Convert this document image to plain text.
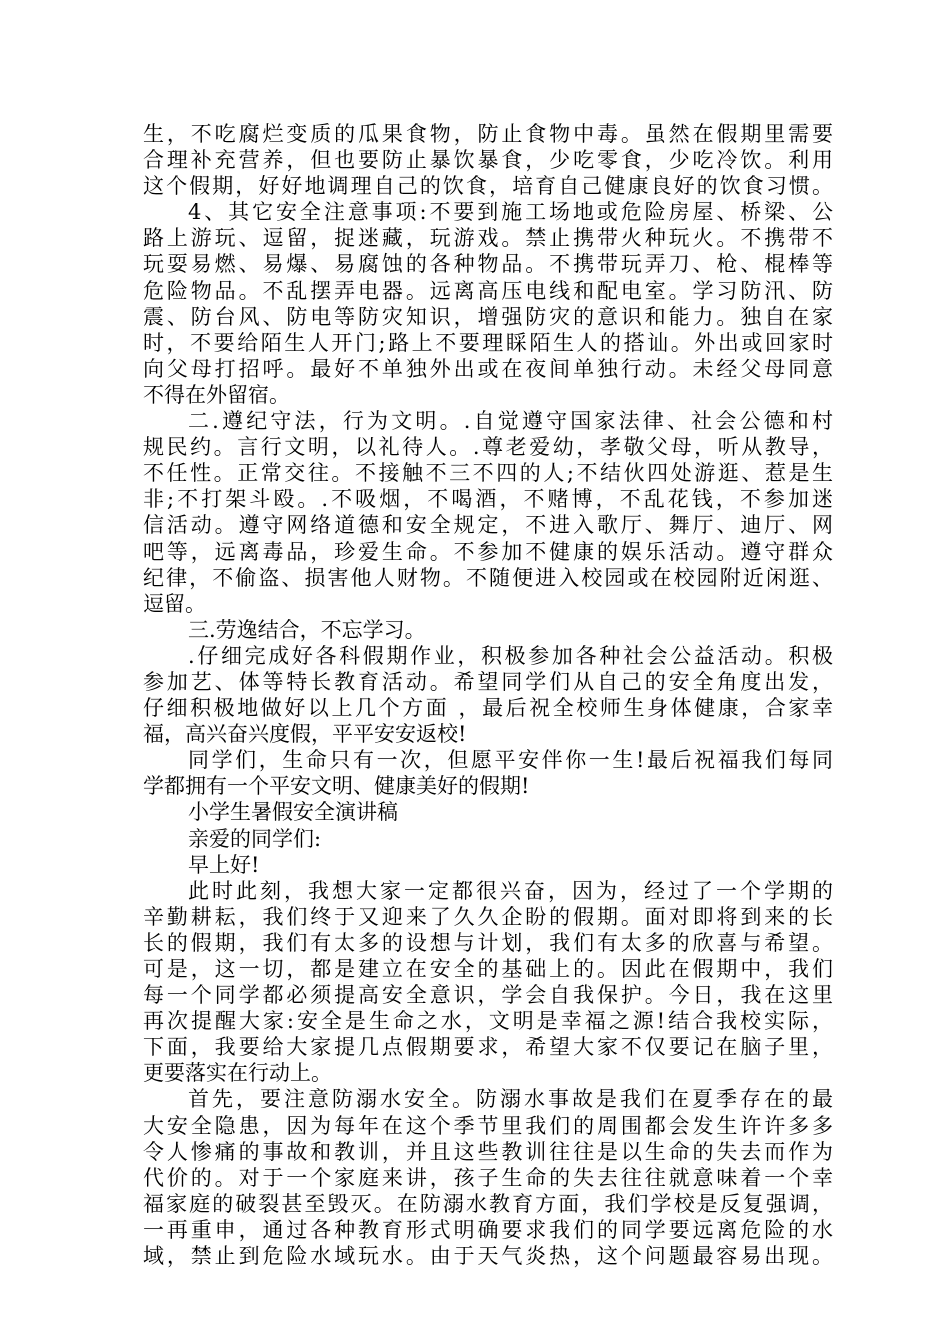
生，不吃腐烂变质的瓜果食物，防止食物中毒。虽然在假期里需要
合理补充营养，但也要防止暴饮暴食，少吃零食，少吃冷饮。利用
这个假期，好好地调理自己的饮食，培育自己健康良好的饮食习惯。
4、其它安全注意事项:不要到施工场地或危险房屋、桥梁、公
路上游玩、逗留，捉迷藏，玩游戏。禁止携带火种玩火。不携带不
玩耍易燃、易爆、易腐蚀的各种物品。不携带玩弄刀、枪、棍棒等
危险物品。不乱摆弄电器。远离高压电线和配电室。学习防汛、防
震、防台风、防电等防灾知识，增强防灾的意识和能力。独自在家
时，不要给陌生人开门;路上不要理睬陌生人的搭讪。外出或回家时
向父母打招呼。最好不单独外出或在夜间单独行动。未经父母同意
不得在外留宿。
二.遵纪守法，行为文明。.自觉遵守国家法律、社会公德和村
规民约。言行文明，以礼待人。.尊老爱幼，孝敬父母，听从教导，
不任性。正常交往。不接触不三不四的人;不结伙四处游逛、惹是生
非;不打架斗殴。.不吸烟，不喝酒，不赌博，不乱花钱，不参加迷
信活动。遵守网络道德和安全规定，不进入歌厅、舞厅、迪厅、网
吧等，远离毒品，珍爱生命。不参加不健康的娱乐活动。遵守群众
纪律，不偷盗、损害他人财物。不随便进入校园或在校园附近闲逛、
逗留。
三.劳逸结合，不忘学习。
.仔细完成好各科假期作业，积极参加各种社会公益活动。积极
参加艺、体等特长教育活动。希望同学们从自己的安全角度出发，
仔细积极地做好以上几个方面 ，最后祝全校师生身体健康，合家幸
福，高兴奋兴度假，平平安安返校!
同学们，生命只有一次，但愿平安伴你一生!最后祝福我们每同
学都拥有一个平安文明、健康美好的假期!
小学生暑假安全演讲稿
亲爱的同学们:
早上好!
此时此刻，我想大家一定都很兴奋，因为，经过了一个学期的
辛勤耕耘，我们终于又迎来了久久企盼的假期。面对即将到来的长
长的假期，我们有太多的设想与计划，我们有太多的欣喜与希望。
可是，这一切，都是建立在安全的基础上的。因此在假期中，我们
每一个同学都必须提高安全意识，学会自我保护。今日，我在这里
再次提醒大家:安全是生命之水，文明是幸福之源!结合我校实际，
下面，我要给大家提几点假期要求，希望大家不仅要记在脑子里，
更要落实在行动上。
首先，要注意防溺水安全。防溺水事故是我们在夏季存在的最
大安全隐患，因为每年在这个季节里我们的周围都会发生许许多多
令人惨痛的事故和教训，并且这些教训往往是以生命的失去而作为
代价的。对于一个家庭来讲，孩子生命的失去往往就意味着一个幸
福家庭的破裂甚至毁灭。在防溺水教育方面，我们学校是反复强调，
一再重申，通过各种教育形式明确要求我们的同学要远离危险的水
域，禁止到危险水域玩水。由于天气炎热，这个问题最容易出现。
